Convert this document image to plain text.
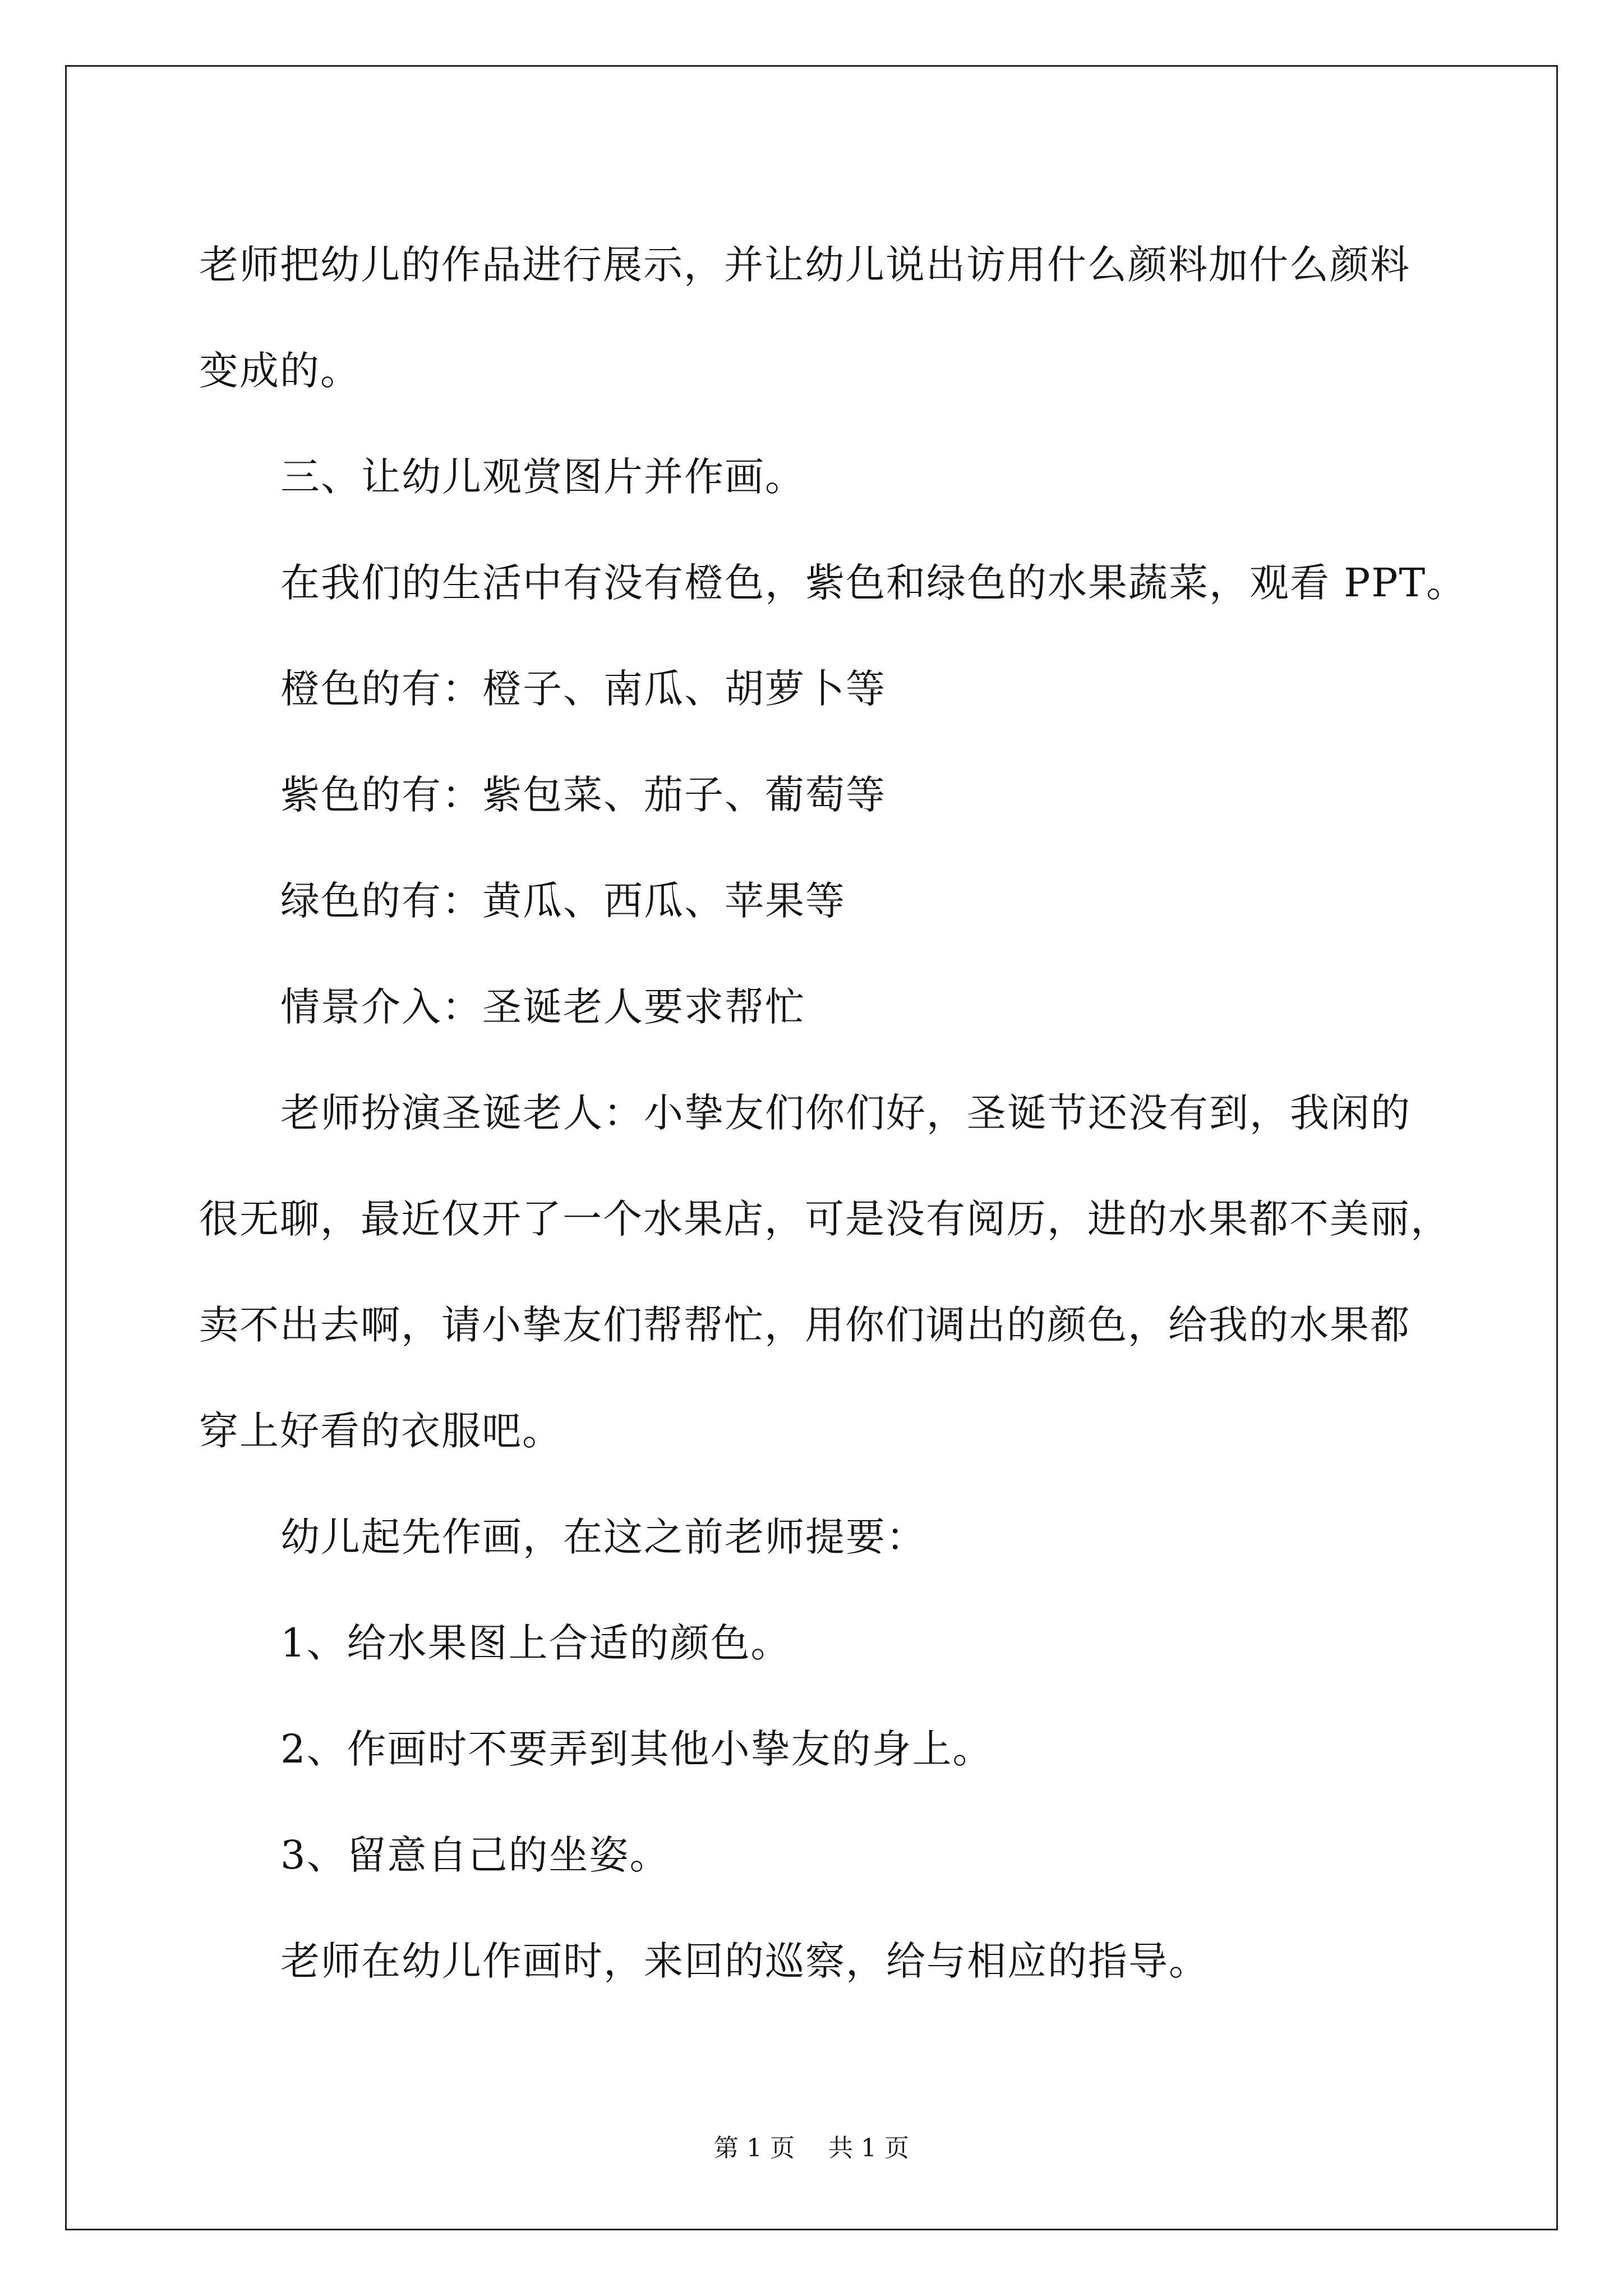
老师把幼儿的作品进行展示，并让幼儿说出访用什么颜料加什么颜料

变成的。

三、让幼儿观赏图片并作画。

在我们的生活中有没有橙色，紫色和绿色的水果蔬菜，观看 PPT。

橙色的有：橙子、南瓜、胡萝卜等

紫色的有：紫包菜、茄子、葡萄等

绿色的有：黄瓜、西瓜、苹果等

情景介入：圣诞老人要求帮忙

老师扮演圣诞老人：小挚友们你们好，圣诞节还没有到，我闲的

很无聊，最近仅开了一个水果店，可是没有阅历，进的水果都不美丽，

卖不出去啊，请小挚友们帮帮忙，用你们调出的颜色，给我的水果都

穿上好看的衣服吧。

幼儿起先作画，在这之前老师提要：

1、给水果图上合适的颜色。

2、作画时不要弄到其他小挚友的身上。

3、留意自己的坐姿。

老师在幼儿作画时，来回的巡察，给与相应的指导。

第 1 页 共 1 页
